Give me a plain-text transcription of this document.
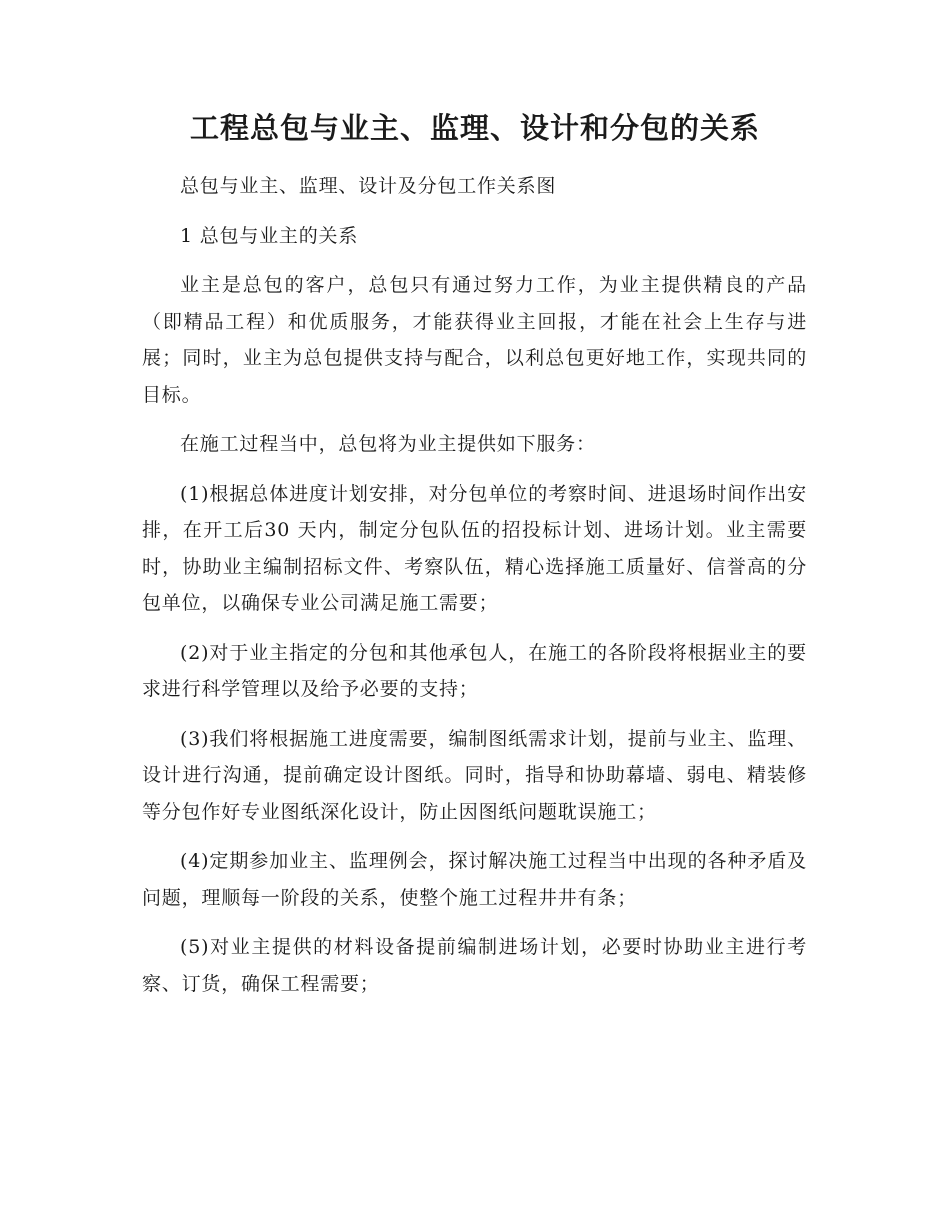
工程总包与业主、监理、设计和分包的关系

总包与业主、监理、设计及分包工作关系图

1 总包与业主的关系

业主是总包的客户，总包只有通过努力工作，为业主提供精良的产品（即精品工程）和优质服务，才能获得业主回报，才能在社会上生存与进展；同时，业主为总包提供支持与配合，以利总包更好地工作，实现共同的目标。

在施工过程当中，总包将为业主提供如下服务：

(1)根据总体进度计划安排，对分包单位的考察时间、进退场时间作出安排，在开工后30 天内，制定分包队伍的招投标计划、进场计划。业主需要时，协助业主编制招标文件、考察队伍，精心选择施工质量好、信誉高的分包单位，以确保专业公司满足施工需要；

(2)对于业主指定的分包和其他承包人，在施工的各阶段将根据业主的要求进行科学管理以及给予必要的支持；

(3)我们将根据施工进度需要，编制图纸需求计划，提前与业主、监理、设计进行沟通，提前确定设计图纸。同时，指导和协助幕墙、弱电、精装修等分包作好专业图纸深化设计，防止因图纸问题耽误施工；

(4)定期参加业主、监理例会，探讨解决施工过程当中出现的各种矛盾及问题，理顺每一阶段的关系，使整个施工过程井井有条；

(5)对业主提供的材料设备提前编制进场计划，必要时协助业主进行考察、订货，确保工程需要；
